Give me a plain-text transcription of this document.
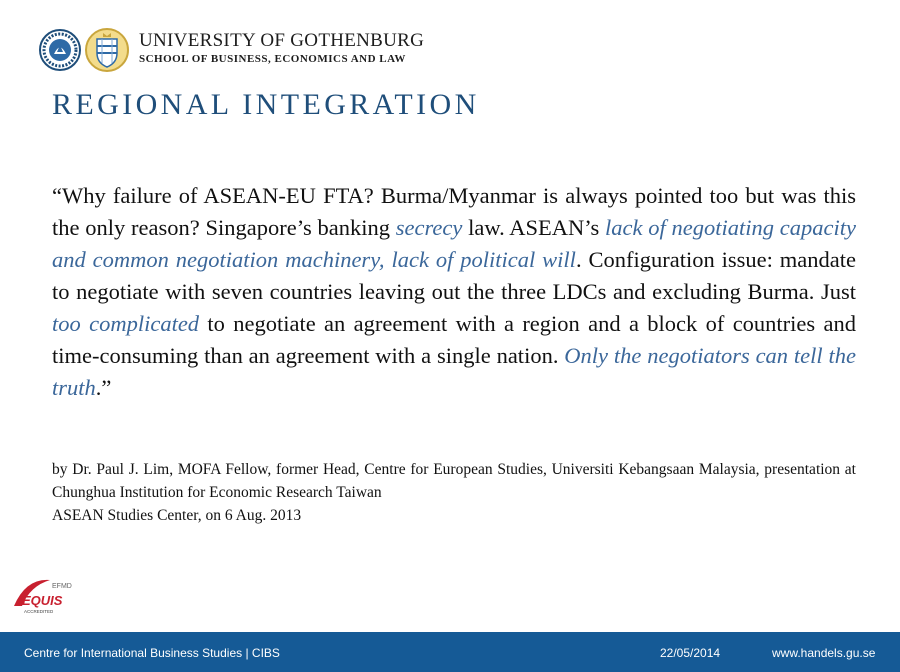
UNIVERSITY OF GOTHENBURG
SCHOOL OF BUSINESS, ECONOMICS AND LAW
REGIONAL INTEGRATION
“Why failure of ASEAN-EU FTA? Burma/Myanmar is always pointed too but was this the only reason? Singapore’s banking secrecy law. ASEAN’s lack of negotiating capacity and common negotiation machinery, lack of political will. Configuration issue: mandate to negotiate with seven countries leaving out the three LDCs and excluding Burma. Just too complicated to negotiate an agreement with a region and a block of countries and time-consuming than an agreement with a single nation. Only the negotiators can tell the truth.”
by Dr. Paul J. Lim, MOFA Fellow, former Head, Centre for European Studies, Universiti Kebangsaan Malaysia, presentation at Chunghua Institution for Economic Research Taiwan
ASEAN Studies Center, on 6 Aug. 2013
EFMD
EQUIS
ACCREDITED
Centre for International Business Studies | CIBS	22/05/2014	www.handels.gu.se
